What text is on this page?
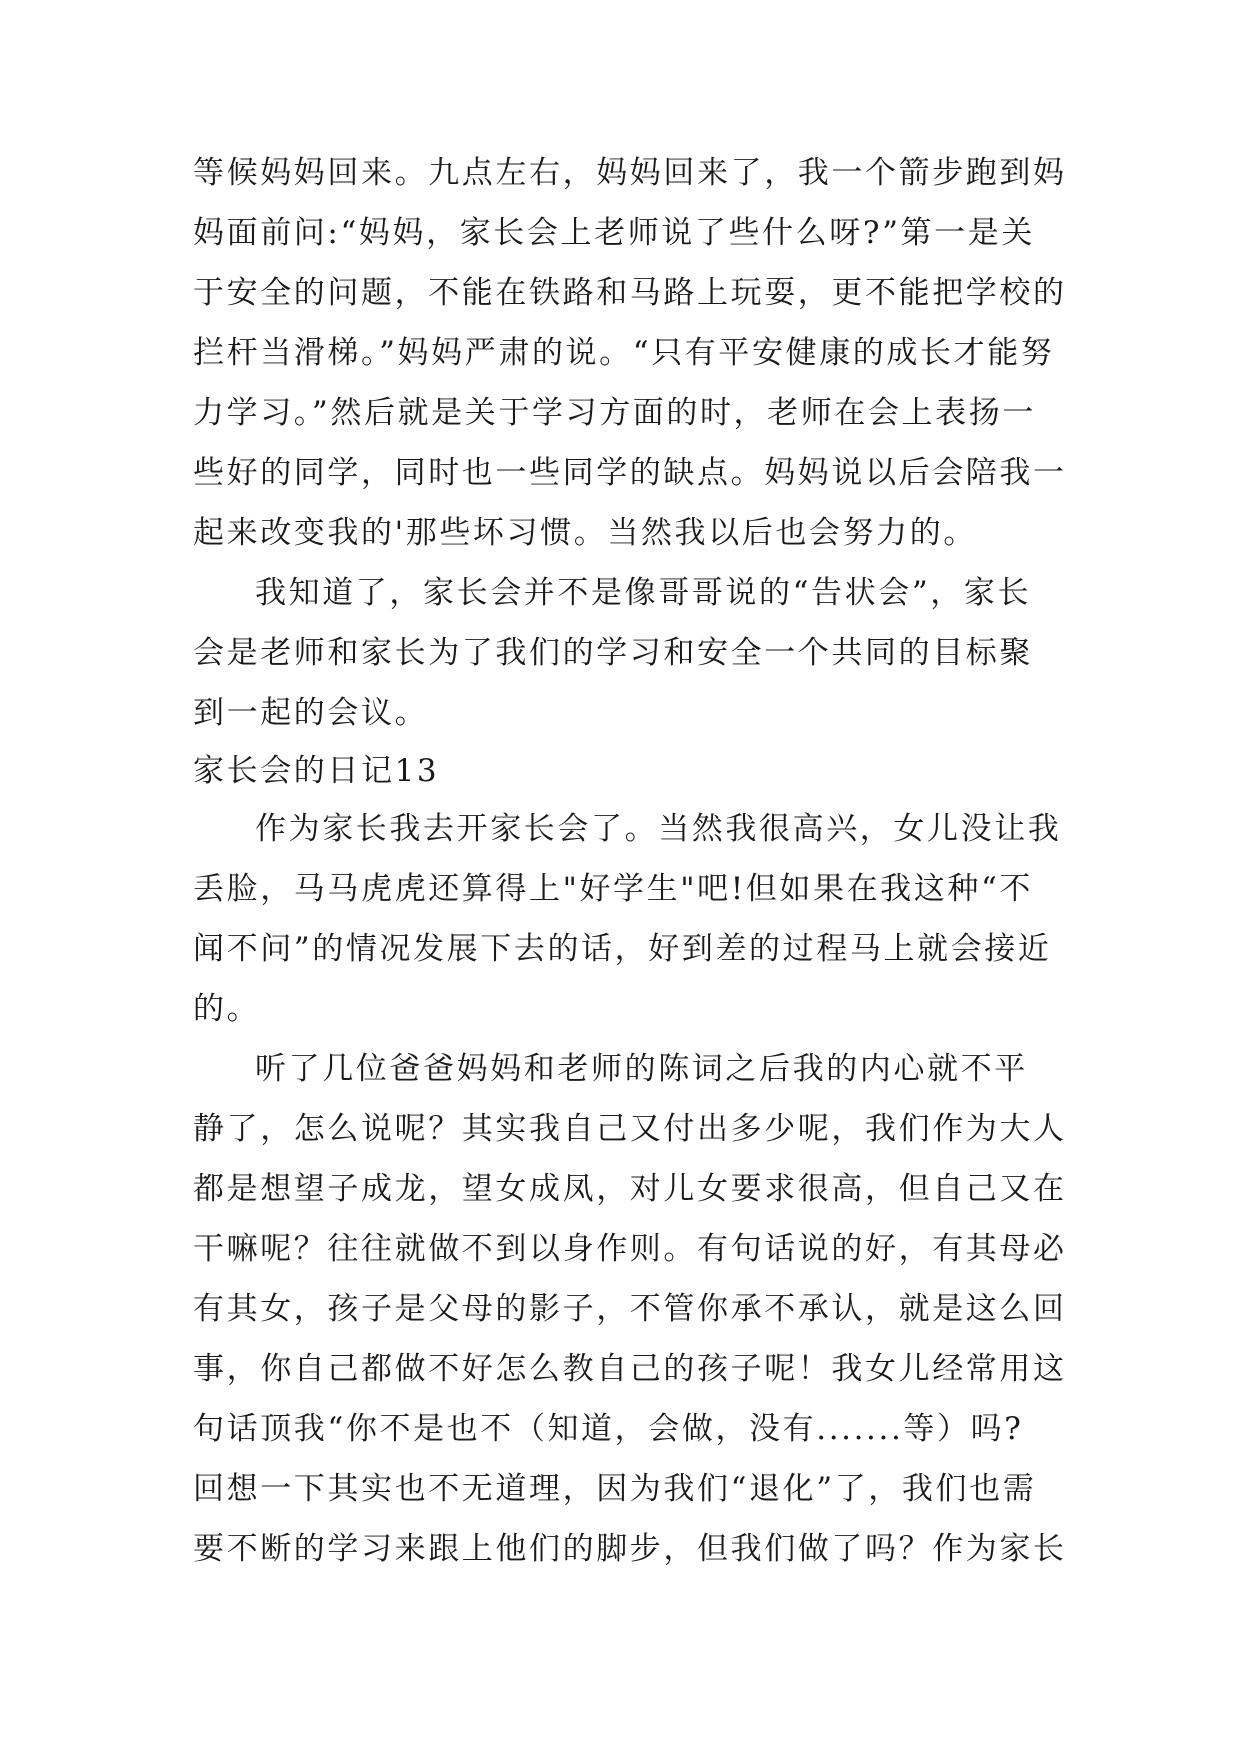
等候妈妈回来。九点左右，妈妈回来了，我一个箭步跑到妈
妈面前问:“妈妈，家长会上老师说了些什么呀?”第一是关
于安全的问题，不能在铁路和马路上玩耍，更不能把学校的
拦杆当滑梯。”妈妈严肃的说。“只有平安健康的成长才能努
力学习。”然后就是关于学习方面的时，老师在会上表扬一
些好的同学，同时也一些同学的缺点。妈妈说以后会陪我一
起来改变我的'那些坏习惯。当然我以后也会努力的。
我知道了，家长会并不是像哥哥说的“告状会”，家长
会是老师和家长为了我们的学习和安全一个共同的目标聚
到一起的会议。
家长会的日记13
作为家长我去开家长会了。当然我很高兴，女儿没让我
丢脸，马马虎虎还算得上"好学生"吧!但如果在我这种“不
闻不问”的情况发展下去的话，好到差的过程马上就会接近
的。
听了几位爸爸妈妈和老师的陈词之后我的内心就不平
静了，怎么说呢？其实我自己又付出多少呢，我们作为大人
都是想望子成龙，望女成凤，对儿女要求很高，但自己又在
干嘛呢？往往就做不到以身作则。有句话说的好，有其母必
有其女，孩子是父母的影子，不管你承不承认，就是这么回
事，你自己都做不好怎么教自己的孩子呢！我女儿经常用这
句话顶我“你不是也不（知道，会做，没有.......等）吗?
回想一下其实也不无道理，因为我们“退化”了，我们也需
要不断的学习来跟上他们的脚步，但我们做了吗？作为家长
